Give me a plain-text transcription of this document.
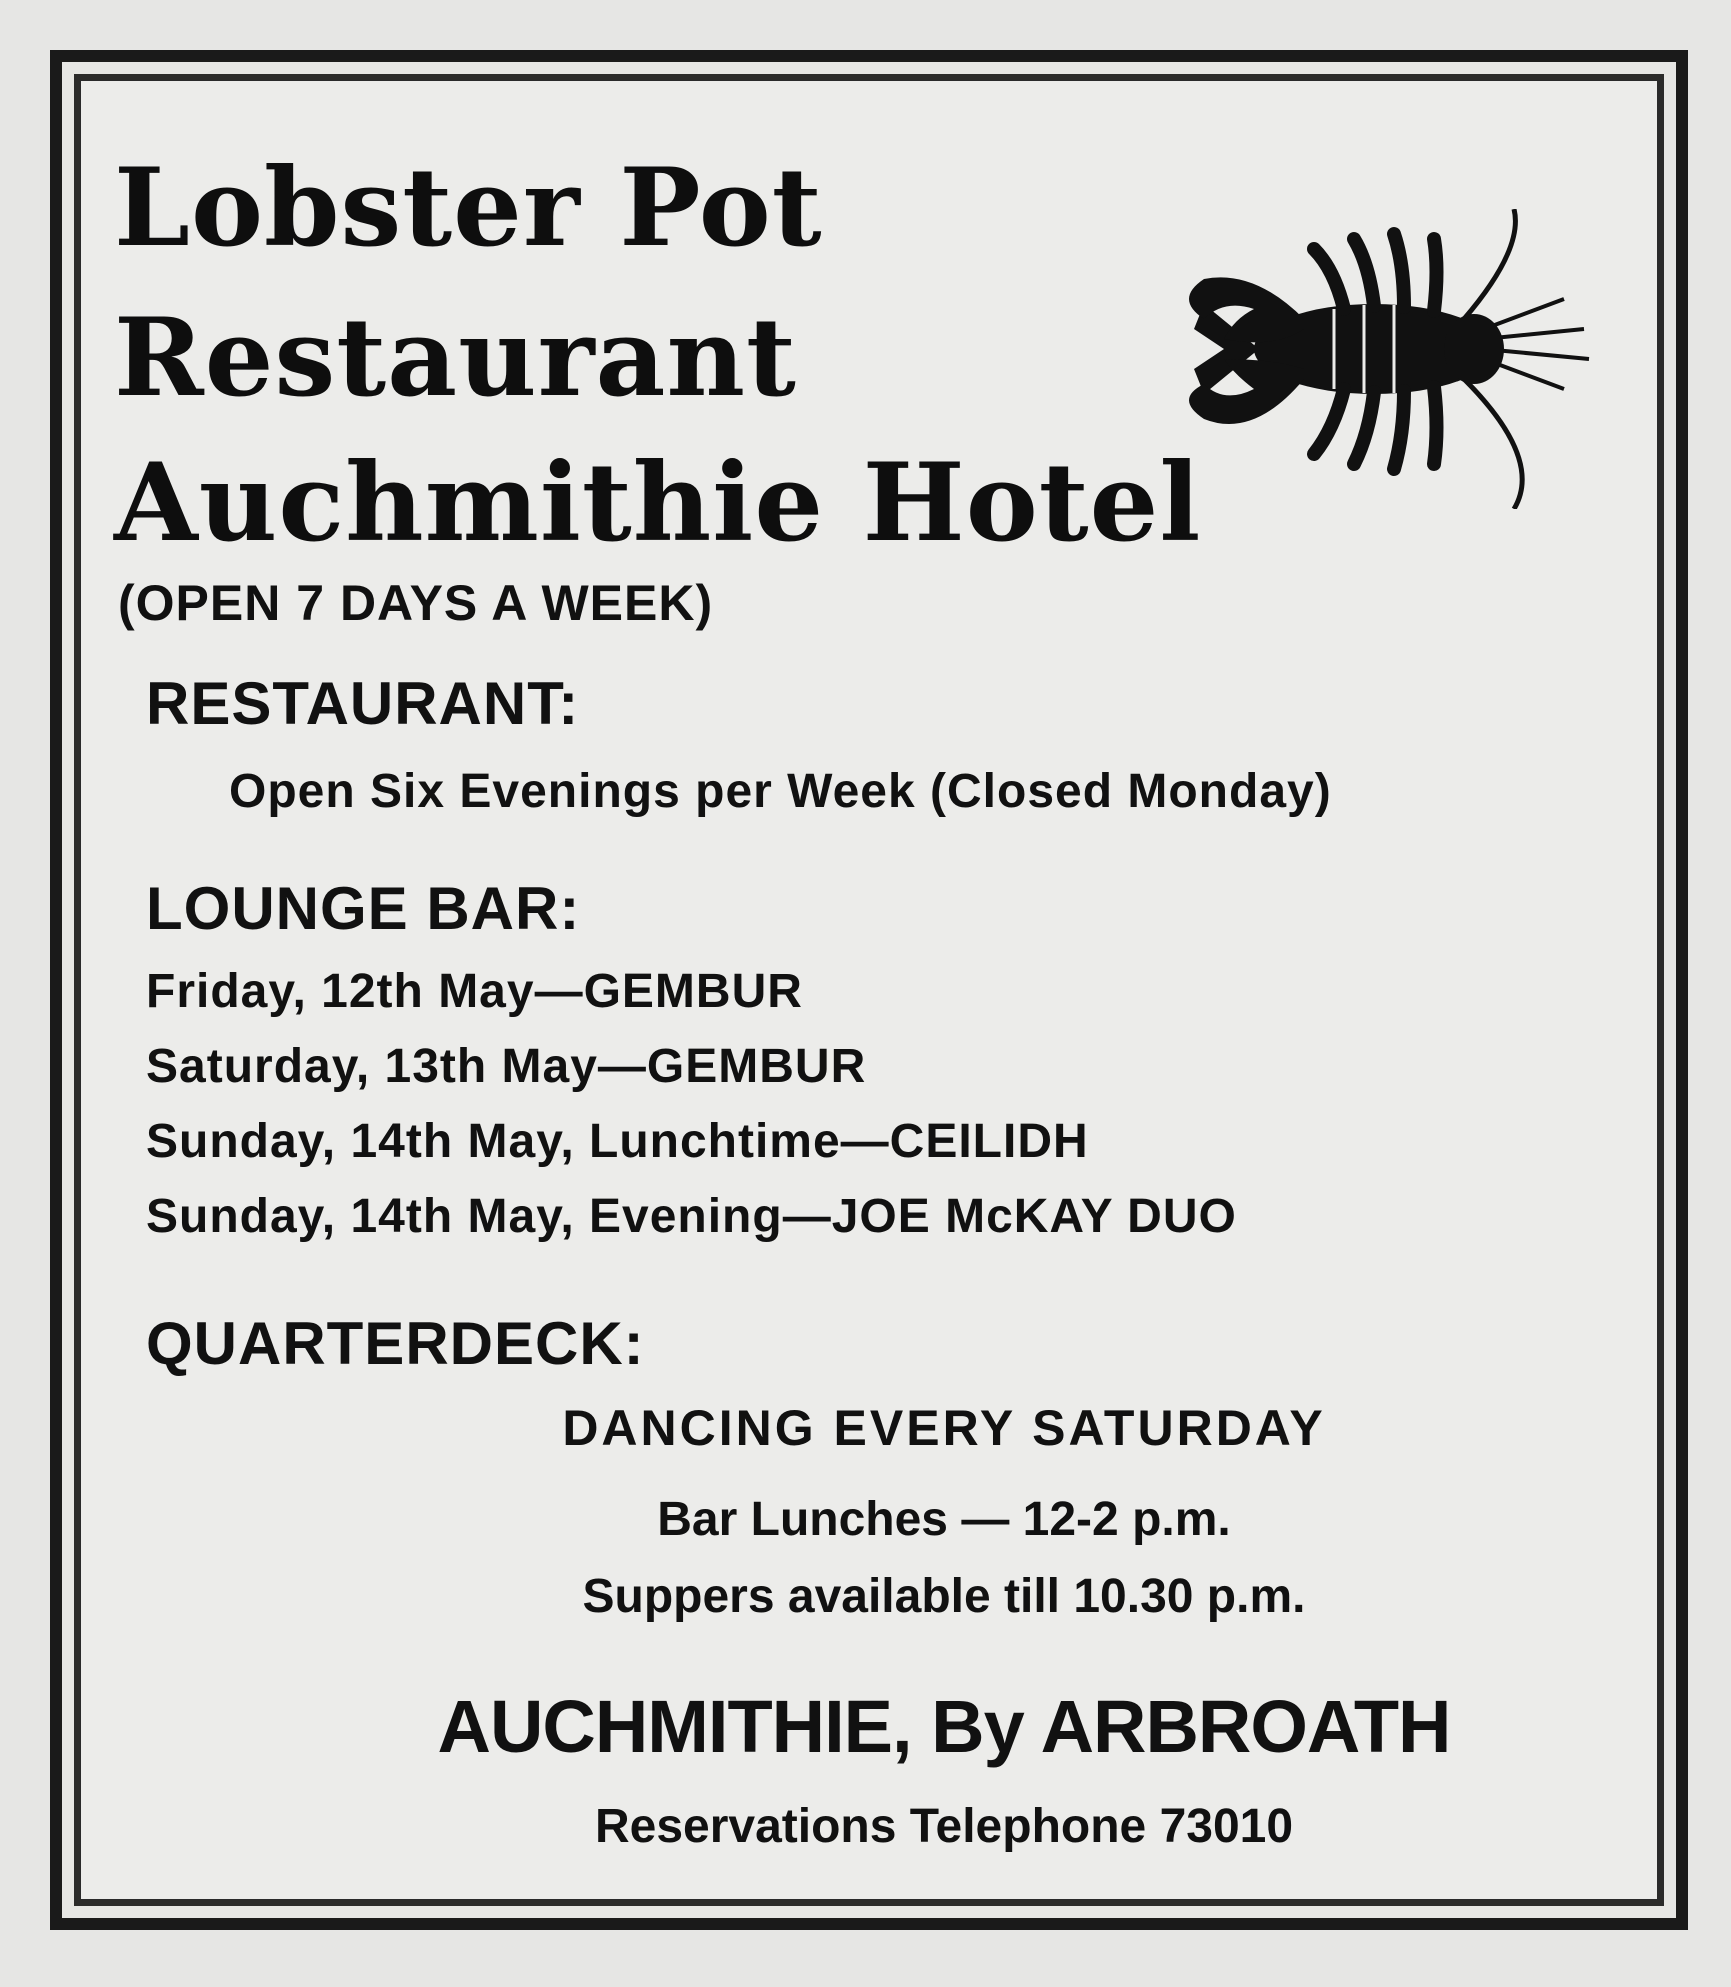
Lobster Pot
Restaurant
Auchmithie Hotel
(OPEN 7 DAYS A WEEK)
RESTAURANT:
Open Six Evenings per Week (Closed Monday)
LOUNGE BAR:
Friday, 12th May—GEMBUR
Saturday, 13th May—GEMBUR
Sunday, 14th May, Lunchtime—CEILIDH
Sunday, 14th May, Evening—JOE McKAY DUO
QUARTERDECK:
DANCING EVERY SATURDAY
Bar Lunches — 12-2 p.m.
Suppers available till 10.30 p.m.
AUCHMITHIE, By ARBROATH
Reservations Telephone 73010
